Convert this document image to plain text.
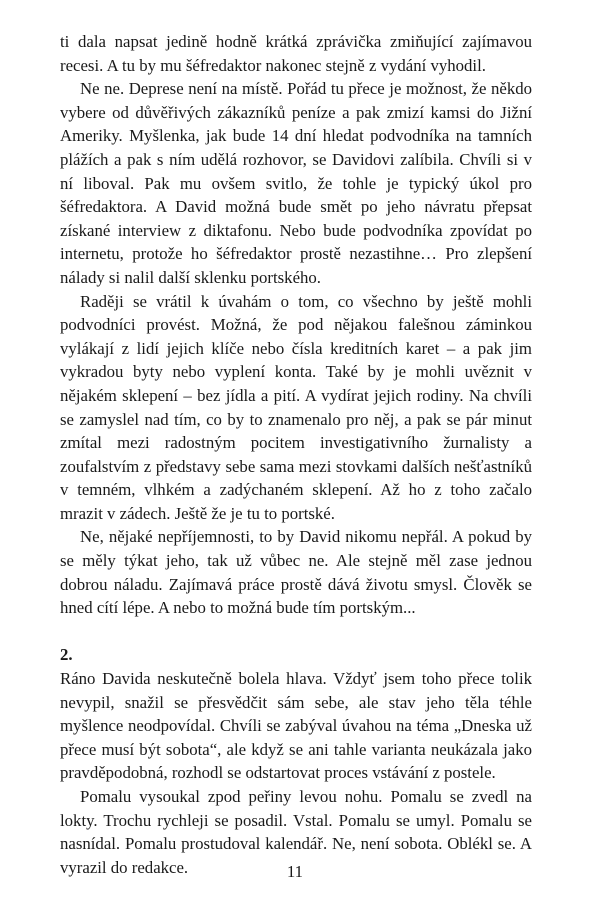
ti dala napsat jedině hodně krátká zprávička zmiňující zajímavou recesi. A tu by mu šéfredaktor nakonec stejně z vydání vyhodil.

Ne ne. Deprese není na místě. Pořád tu přece je možnost, že někdo vybere od důvěřivých zákazníků peníze a pak zmizí kamsi do Jižní Ameriky. Myšlenka, jak bude 14 dní hledat podvodníka na tamních plážích a pak s ním udělá rozhovor, se Davidovi zalíbila. Chvíli si v ní liboval. Pak mu ovšem svitlo, že tohle je typický úkol pro šéfredaktora. A David možná bude smět po jeho návratu přepsat získané interview z diktafonu. Nebo bude podvodníka zpovídat po internetu, protože ho šéfredaktor prostě nezastihne… Pro zlepšení nálady si nalil další sklenku portského.

Raději se vrátil k úvahám o tom, co všechno by ještě mohli podvodníci provést. Možná, že pod nějakou falešnou záminkou vylákají z lidí jejich klíče nebo čísla kreditních karet – a pak jim vykradou byty nebo vyplení konta. Také by je mohli uvěznit v nějakém sklepení – bez jídla a pití. A vydírat jejich rodiny. Na chvíli se zamyslel nad tím, co by to znamenalo pro něj, a pak se pár minut zmítal mezi radostným pocitem investigativního žurnalisty a zoufalstvím z představy sebe sama mezi stovkami dalších nešťastníků v temném, vlhkém a zadýchaném sklepení. Až ho z toho začalo mrazit v zádech. Ještě že je tu to portské.

Ne, nějaké nepříjemnosti, to by David nikomu nepřál. A pokud by se měly týkat jeho, tak už vůbec ne. Ale stejně měl zase jednou dobrou náladu. Zajímavá práce prostě dává životu smysl. Člověk se hned cítí lépe. A nebo to možná bude tím portským...

2.

Ráno Davida neskutečně bolela hlava. Vždyť jsem toho přece tolik nevypil, snažil se přesvědčit sám sebe, ale stav jeho těla téhle myšlence neodpovídal. Chvíli se zabýval úvahou na téma „Dneska už přece musí být sobota“, ale když se ani tahle varianta neukázala jako pravděpodobná, rozhodl se odstartovat proces vstávání z postele.

Pomalu vysoukal zpod peřiny levou nohu. Pomalu se zvedl na lokty. Trochu rychleji se posadil. Vstal. Pomalu se umyl. Pomalu se nasnídal. Pomalu prostudoval kalendář. Ne, není sobota. Oblékl se. A vyrazil do redakce.	11
